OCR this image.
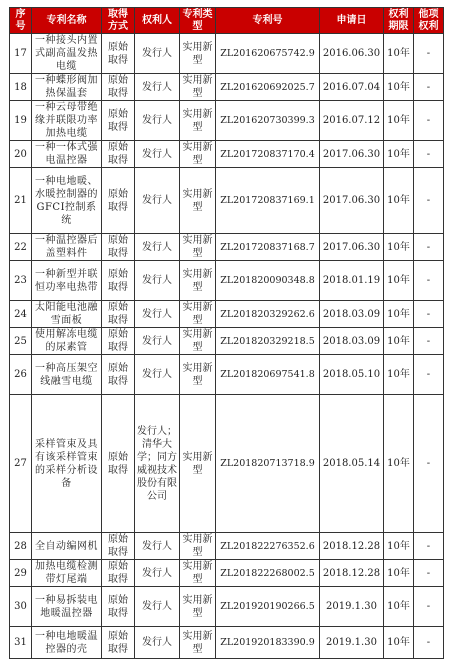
序号	专利名称	取得方式	权利人	专利类型	专利号	申请日	权利期限	他项权利
17	一种接头内置式副高温发热电缆	原始取得	发行人	实用新型	ZL201620675742.9	2016.06.30	10年	-
18	一种蝶形阀加热保温套	原始取得	发行人	实用新型	ZL201620692025.7	2016.07.04	10年	-
19	一种云母带绝缘并联限功率加热电缆	原始取得	发行人	实用新型	ZL201620730399.3	2016.07.12	10年	-
20	一种一体式强电温控器	原始取得	发行人	实用新型	ZL201720837170.4	2017.06.30	10年	-
21	一种电地暖、水暖控制器的GFCI控制系统	原始取得	发行人	实用新型	ZL201720837169.1	2017.06.30	10年	-
22	一种温控器后盖塑料件	原始取得	发行人	实用新型	ZL201720837168.7	2017.06.30	10年	-
23	一种新型并联恒功率电热带	原始取得	发行人	实用新型	ZL201820090348.8	2018.01.19	10年	-
24	太阳能电池融雪面板	原始取得	发行人	实用新型	ZL201820329262.6	2018.03.09	10年	-
25	使用解冻电缆的尿素管	原始取得	发行人	实用新型	ZL201820329218.5	2018.03.09	10年	-
26	一种高压架空线融雪电缆	原始取得	发行人	实用新型	ZL201820697541.8	2018.05.10	10年	-
27	采样管束及具有该采样管束的采样分析设备	原始取得	发行人；清华大学；同方威视技术股份有限公司	实用新型	ZL201820713718.9	2018.05.14	10年	-
28	全自动编网机	原始取得	发行人	实用新型	ZL201822276352.6	2018.12.28	10年	-
29	加热电缆检测带灯尾端	原始取得	发行人	实用新型	ZL201822268002.5	2018.12.28	10年	-
30	一种易拆装电地暖温控器	原始取得	发行人	实用新型	ZL201920190266.5	2019.1.30	10年	-
31	一种电地暖温控器的壳	原始取得	发行人	实用新型	ZL201920183390.9	2019.1.30	10年	-
